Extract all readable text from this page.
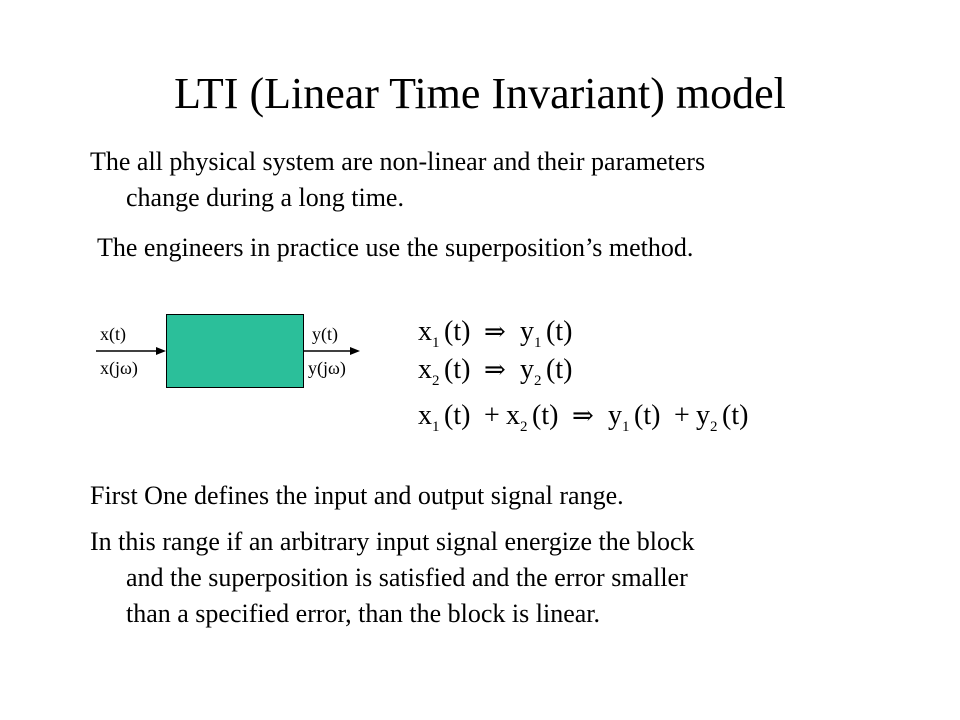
LTI (Linear Time Invariant) model
The all physical system are non-linear and their parameters
change during a long time.
The engineers in practice use the superposition’s method.
x(t)
x(jω)
y(t)
y(jω)
x 1 (t) ⇒ y 1 (t)
x 2 (t) ⇒ y 2 (t)
x 1 (t) + x 2 (t) ⇒ y 1 (t) + y 2 (t)
First One defines the input and output signal range.
In this range if an arbitrary input signal energize the block
and the superposition is satisfied and the error smaller
than a specified error, than the block is linear.
